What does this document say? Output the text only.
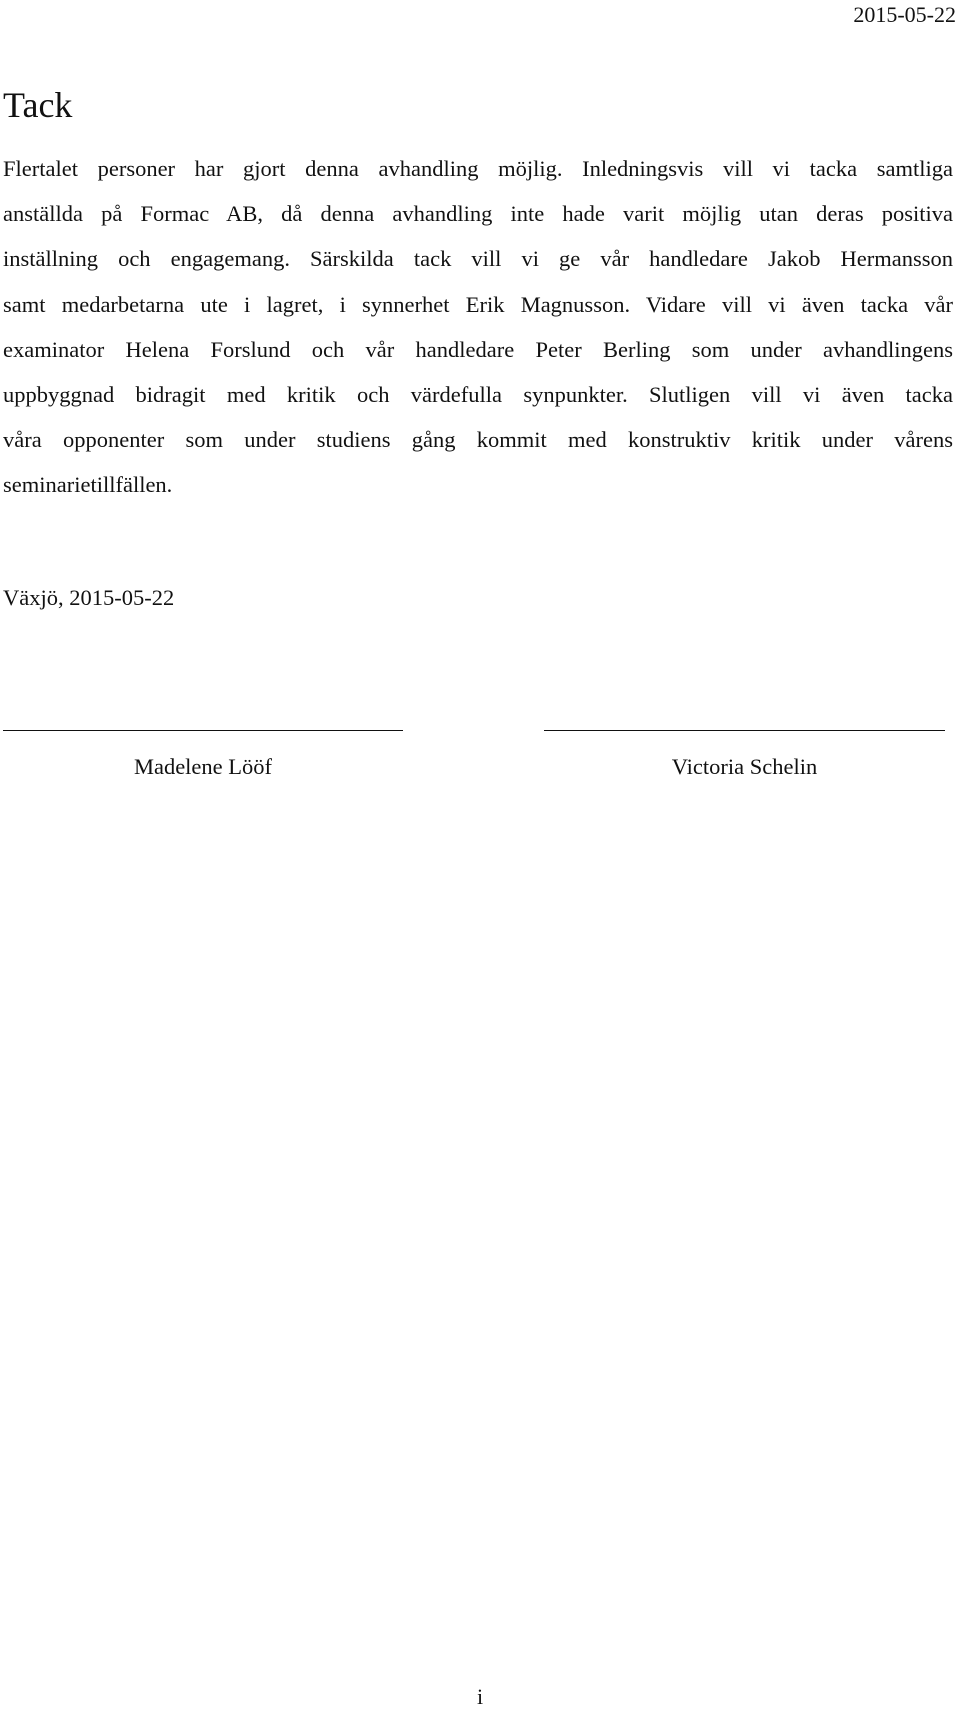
2015-05-22
Tack
Flertalet personer har gjort denna avhandling möjlig. Inledningsvis vill vi tacka samtliga
anställda på Formac AB, då denna avhandling inte hade varit möjlig utan deras positiva
inställning och engagemang. Särskilda tack vill vi ge vår handledare Jakob Hermansson
samt medarbetarna ute i lagret, i synnerhet Erik Magnusson. Vidare vill vi även tacka vår
examinator Helena Forslund och vår handledare Peter Berling som under avhandlingens
uppbyggnad bidragit med kritik och värdefulla synpunkter. Slutligen vill vi även tacka
våra opponenter som under studiens gång kommit med konstruktiv kritik under vårens
seminarietillfällen.
Växjö, 2015-05-22
Madelene Lööf	Victoria Schelin
i
